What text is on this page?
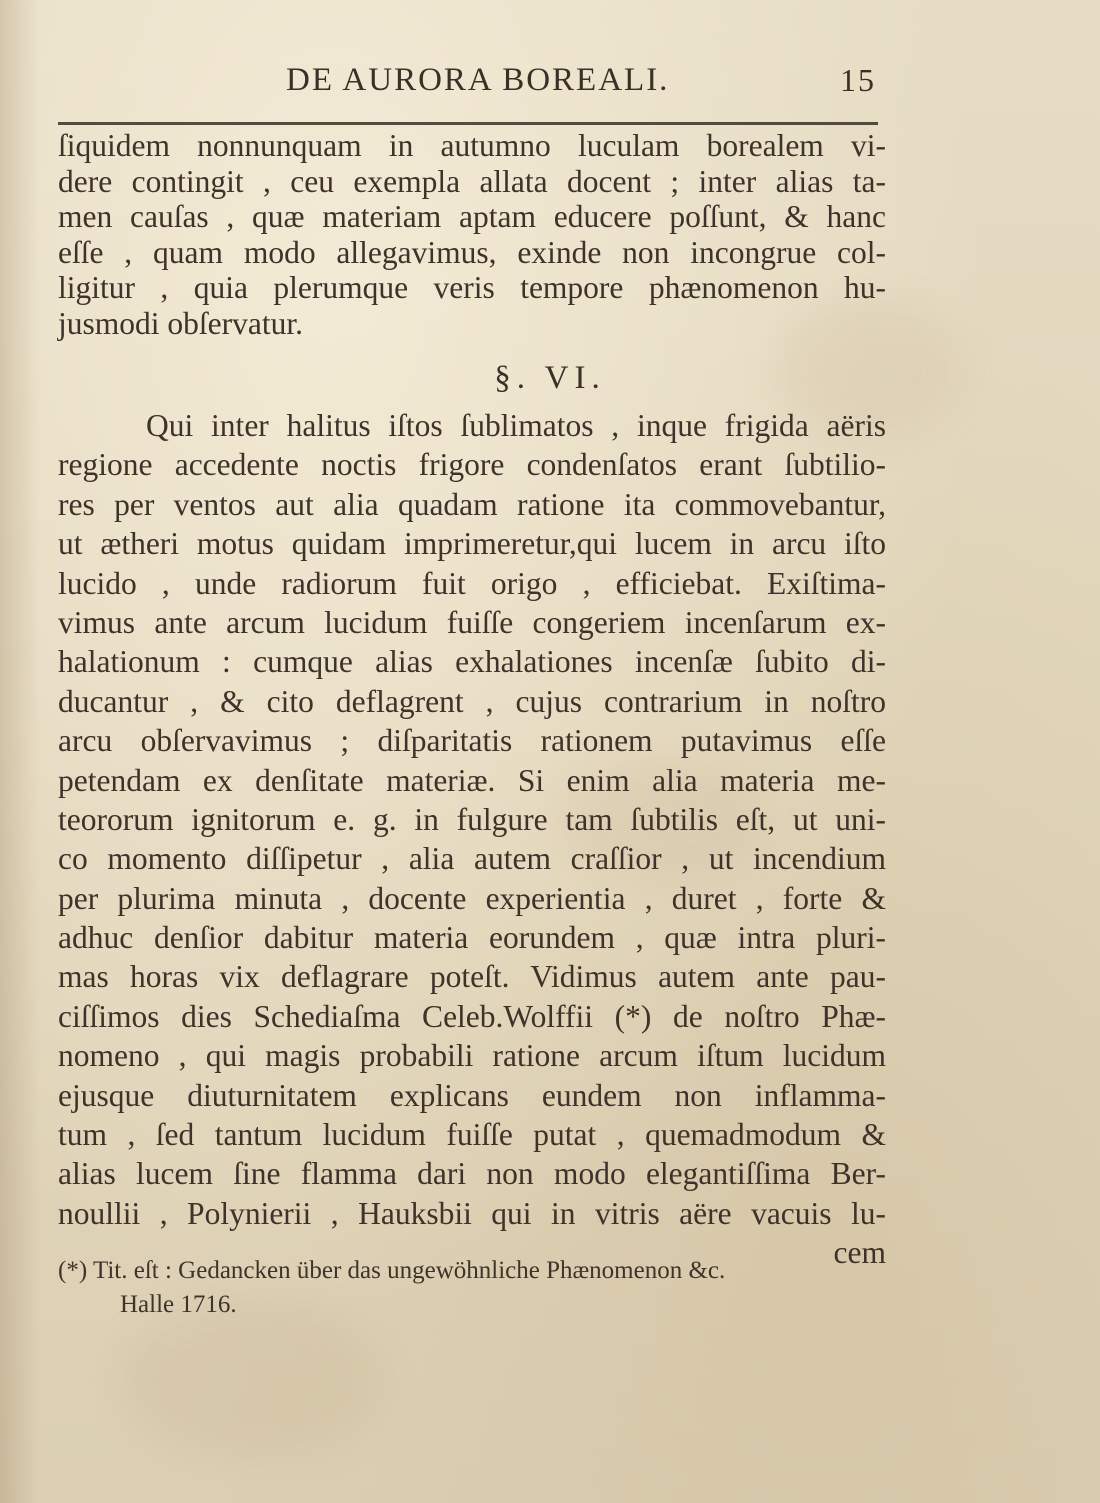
DE AURORA BOREALI.	15
ſiquidem nonnunquam in autumno luculam borealem vi-
dere contingit , ceu exempla allata docent ; inter alias ta-
men cauſas , quæ materiam aptam educere poſſunt, & hanc
eſſe , quam modo allegavimus, exinde non incongrue col-
ligitur , quia plerumque veris tempore phænomenon hu-
jusmodi obſervatur.
§. VI.
Qui inter halitus iſtos ſublimatos , inque frigida aëris
regione accedente noctis frigore condenſatos erant ſubtilio-
res per ventos aut alia quadam ratione ita commovebantur,
ut ætheri motus quidam imprimeretur,qui lucem in arcu iſto
lucido , unde radiorum fuit origo , efficiebat. Exiſtima-
vimus ante arcum lucidum fuiſſe congeriem incenſarum ex-
halationum : cumque alias exhalationes incenſæ ſubito di-
ducantur , & cito deflagrent , cujus contrarium in noſtro
arcu obſervavimus ; diſparitatis rationem putavimus eſſe
petendam ex denſitate materiæ. Si enim alia materia me-
teororum ignitorum e. g. in fulgure tam ſubtilis eſt, ut uni-
co momento diſſipetur , alia autem craſſior , ut incendium
per plurima minuta , docente experientia , duret , forte &
adhuc denſior dabitur materia eorundem , quæ intra pluri-
mas horas vix deflagrare poteſt. Vidimus autem ante pau-
ciſſimos dies Schediaſma Celeb.Wolffii (*) de noſtro Phæ-
nomeno , qui magis probabili ratione arcum iſtum lucidum
ejusque diuturnitatem explicans eundem non inflamma-
tum , ſed tantum lucidum fuiſſe putat , quemadmodum &
alias lucem ſine flamma dari non modo elegantiſſima Ber-
noullii , Polynierii , Hauksbii qui in vitris aëre vacuis lu-
cem
(*) Tit. eſt : Gedancken über das ungewöhnliche Phænomenon &c.
Halle 1716.
